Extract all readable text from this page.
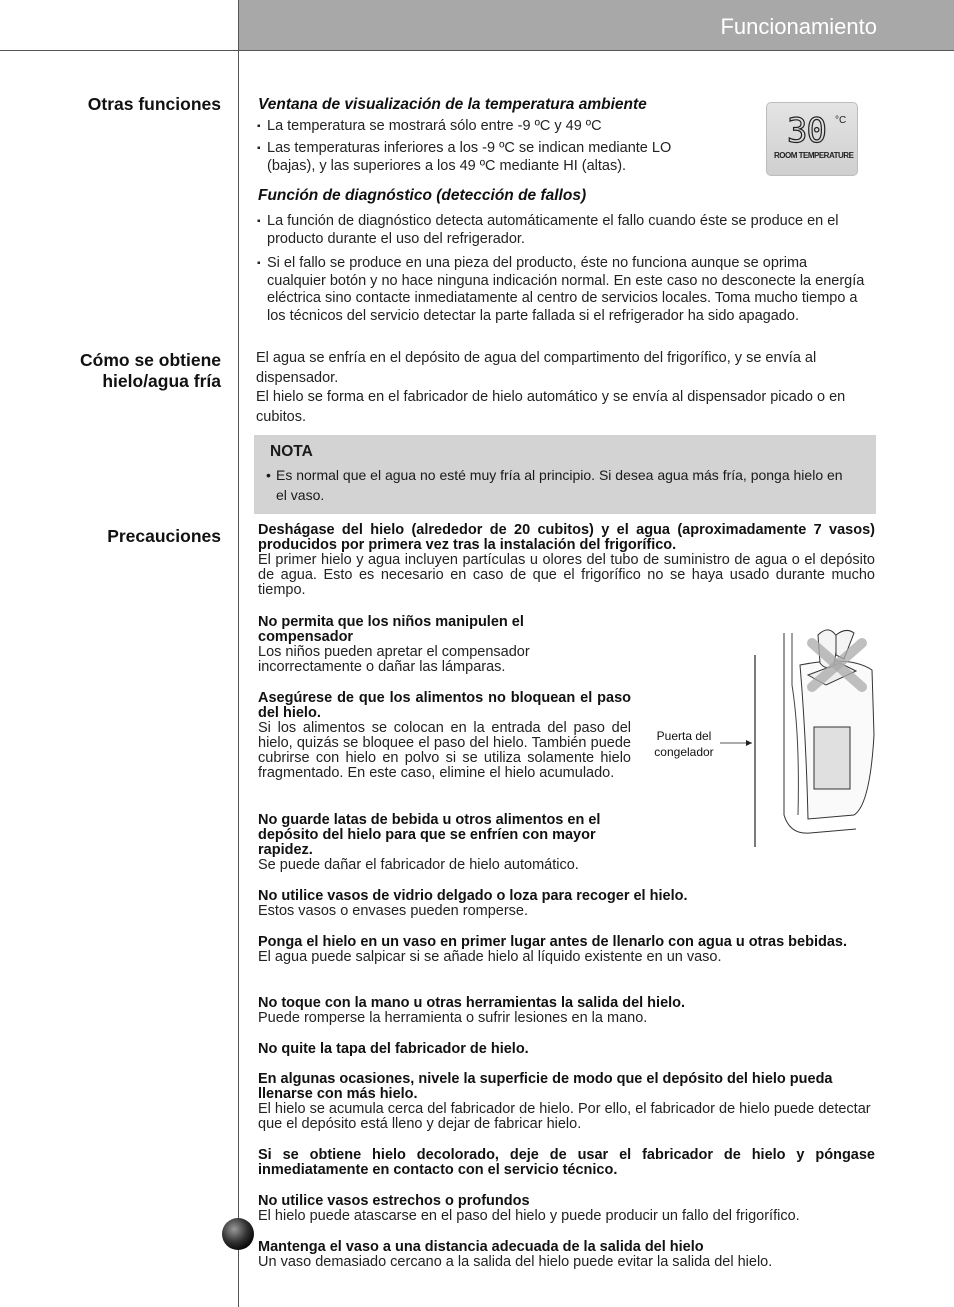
Funcionamiento
Otras funciones
Cómo se obtiene
hielo/agua fría
Precauciones
Ventana de visualización de la temperatura ambiente
▪ La temperatura se mostrará sólo entre -9 ºC y 49 ºC
▪ Las temperaturas inferiores a los -9 ºC se indican mediante LO
(bajas), y las superiores a los 49 ºC mediante HI (altas).
30 °C
ROOM TEMPERATURE
Función de diagnóstico (detección de fallos)
▪ La función de diagnóstico detecta automáticamente el fallo cuando éste se produce en el producto durante el uso del refrigerador.
▪ Si el fallo se produce en una pieza del producto, éste no funciona aunque se oprima cualquier botón y no hace ninguna indicación normal. En este caso no desconecte la energía eléctrica sino contacte inmediatamente al centro de servicios locales. Toma mucho tiempo a los técnicos del servicio detectar la parte fallada si el refrigerador ha sido apagado.
El agua se enfría en el depósito de agua del compartimento del frigorífico, y se envía al dispensador.
El hielo se forma en el fabricador de hielo automático y se envía al dispensador picado o en cubitos.
NOTA
• Es normal que el agua no esté muy fría al principio. Si desea agua más fría, ponga hielo en el vaso.
Deshágase del hielo (alrededor de 20 cubitos) y el agua (aproximadamente 7 vasos) producidos por primera vez tras la instalación del frigorífico.
El primer hielo y agua incluyen partículas u olores del tubo de suministro de agua o el depósito de agua. Esto es necesario en caso de que el frigorífico no se haya usado durante mucho tiempo.
No permita que los niños manipulen el compensador
Los niños pueden apretar el compensador incorrectamente o dañar las lámparas.
Asegúrese de que los alimentos no bloquean el paso del hielo.
Si los alimentos se colocan en la entrada del paso del hielo, quizás se bloquee el paso del hielo. También puede cubrirse con hielo en polvo si se utiliza solamente hielo fragmentado. En este caso, elimine el hielo acumulado.
No guarde latas de bebida u otros alimentos en el depósito del hielo para que se enfríen con mayor rapidez.
Se puede dañar el fabricador de hielo automático.
No utilice vasos de vidrio delgado o loza para recoger el hielo.
Estos vasos o envases pueden romperse.
Ponga el hielo en un vaso en primer lugar antes de llenarlo con agua u otras bebidas.
El agua puede salpicar si se añade hielo al líquido existente en un vaso.
No toque con la mano u otras herramientas la salida del hielo.
Puede romperse la herramienta o sufrir lesiones en la mano.
No quite la tapa del fabricador de hielo.
En algunas ocasiones, nivele la superficie de modo que el depósito del hielo pueda llenarse con más hielo.
El hielo se acumula cerca del fabricador de hielo. Por ello, el fabricador de hielo puede detectar que el depósito está lleno y dejar de fabricar hielo.
Si se obtiene hielo decolorado, deje de usar el fabricador de hielo y póngase inmediatamente en contacto con el servicio técnico.
No utilice vasos estrechos o profundos
El hielo puede atascarse en el paso del hielo y puede producir un fallo del frigorífico.
Mantenga el vaso a una distancia adecuada de la salida del hielo
Un vaso demasiado cercano a la salida del hielo puede evitar la salida del hielo.
Puerta del
congelador
